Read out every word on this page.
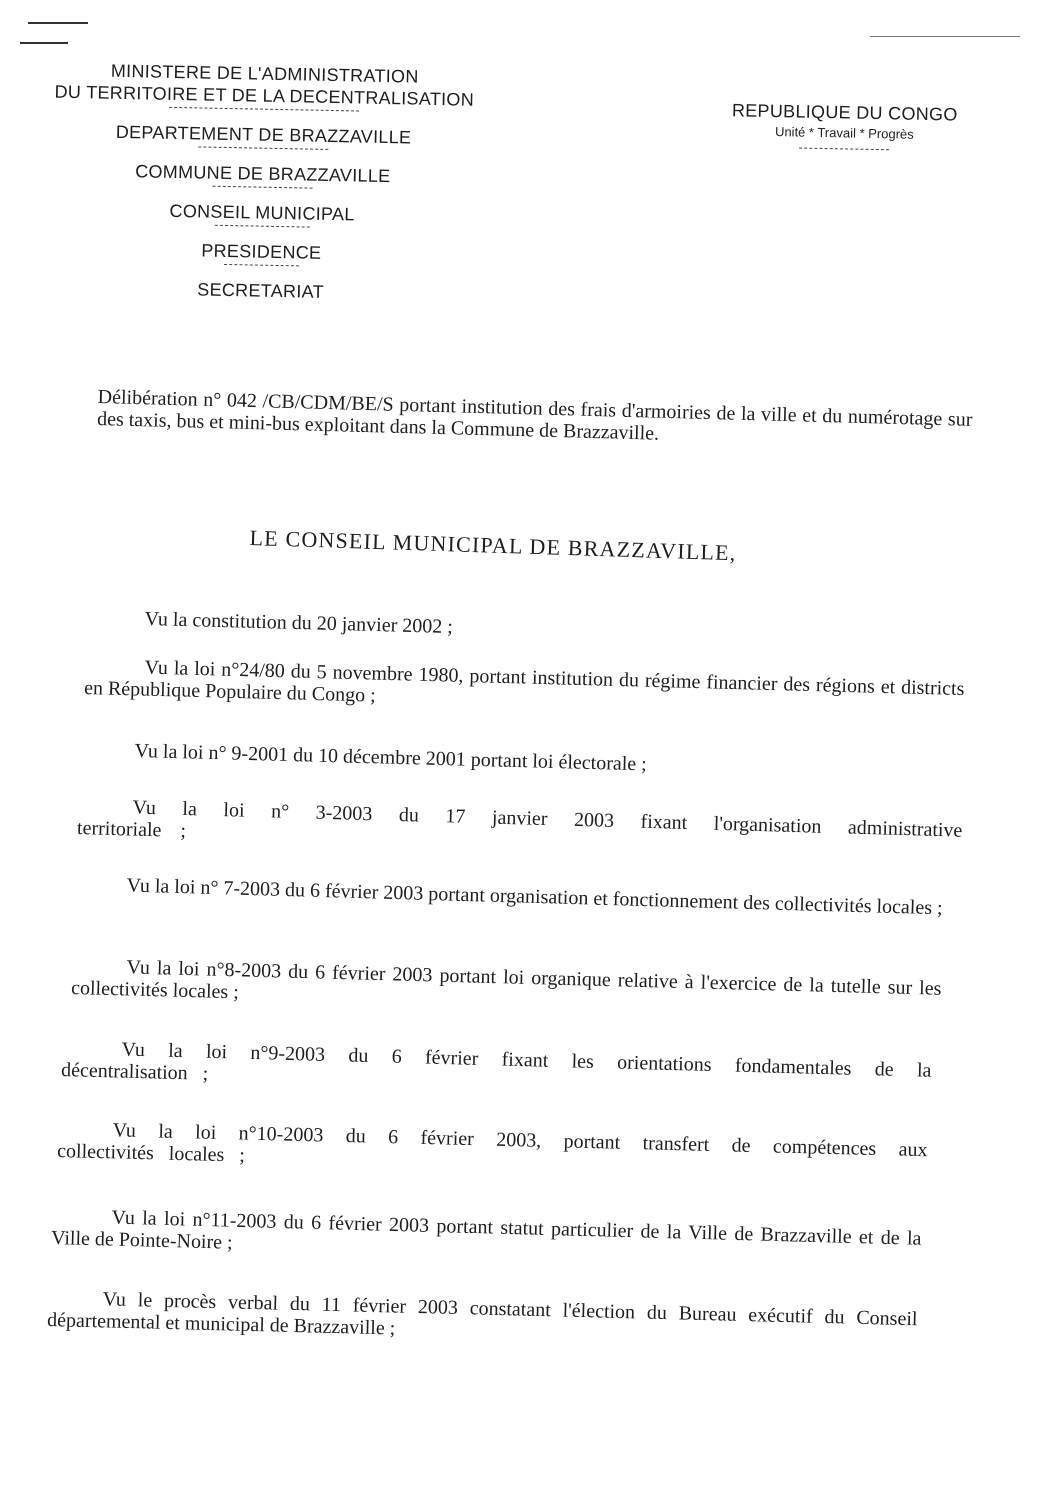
MINISTERE DE L'ADMINISTRATION
DU TERRITOIRE ET DE LA DECENTRALISATION
DEPARTEMENT DE BRAZZAVILLE
COMMUNE DE BRAZZAVILLE
CONSEIL MUNICIPAL
PRESIDENCE
SECRETARIAT
REPUBLIQUE DU CONGO
Unité * Travail * Progrès
Délibération n° 042 /CB/CDM/BE/S portant institution des frais d'armoiries de la ville et du numérotage sur des taxis, bus et mini-bus exploitant dans la Commune de Brazzaville.
LE CONSEIL MUNICIPAL DE BRAZZAVILLE,
Vu la constitution du 20 janvier 2002 ;
Vu la loi n°24/80 du 5 novembre 1980, portant institution du régime financier des régions et districts en République Populaire du Congo ;
Vu la loi n° 9-2001 du 10 décembre 2001 portant loi électorale ;
Vu la loi n° 3-2003 du 17 janvier 2003 fixant l'organisation administrative territoriale ;
Vu la loi n° 7-2003 du 6 février 2003 portant organisation et fonctionnement des collectivités locales ;
Vu la loi n°8-2003 du 6 février 2003 portant loi organique relative à l'exercice de la tutelle sur les collectivités locales ;
Vu la loi n°9-2003 du 6 février fixant les orientations fondamentales de la décentralisation ;
Vu la loi n°10-2003 du 6 février 2003, portant transfert de compétences aux collectivités locales ;
Vu la loi n°11-2003 du 6 février 2003 portant statut particulier de la Ville de Brazzaville et de la Ville de Pointe-Noire ;
Vu le procès verbal du 11 février 2003 constatant l'élection du Bureau exécutif du Conseil départemental et municipal de Brazzaville ;
